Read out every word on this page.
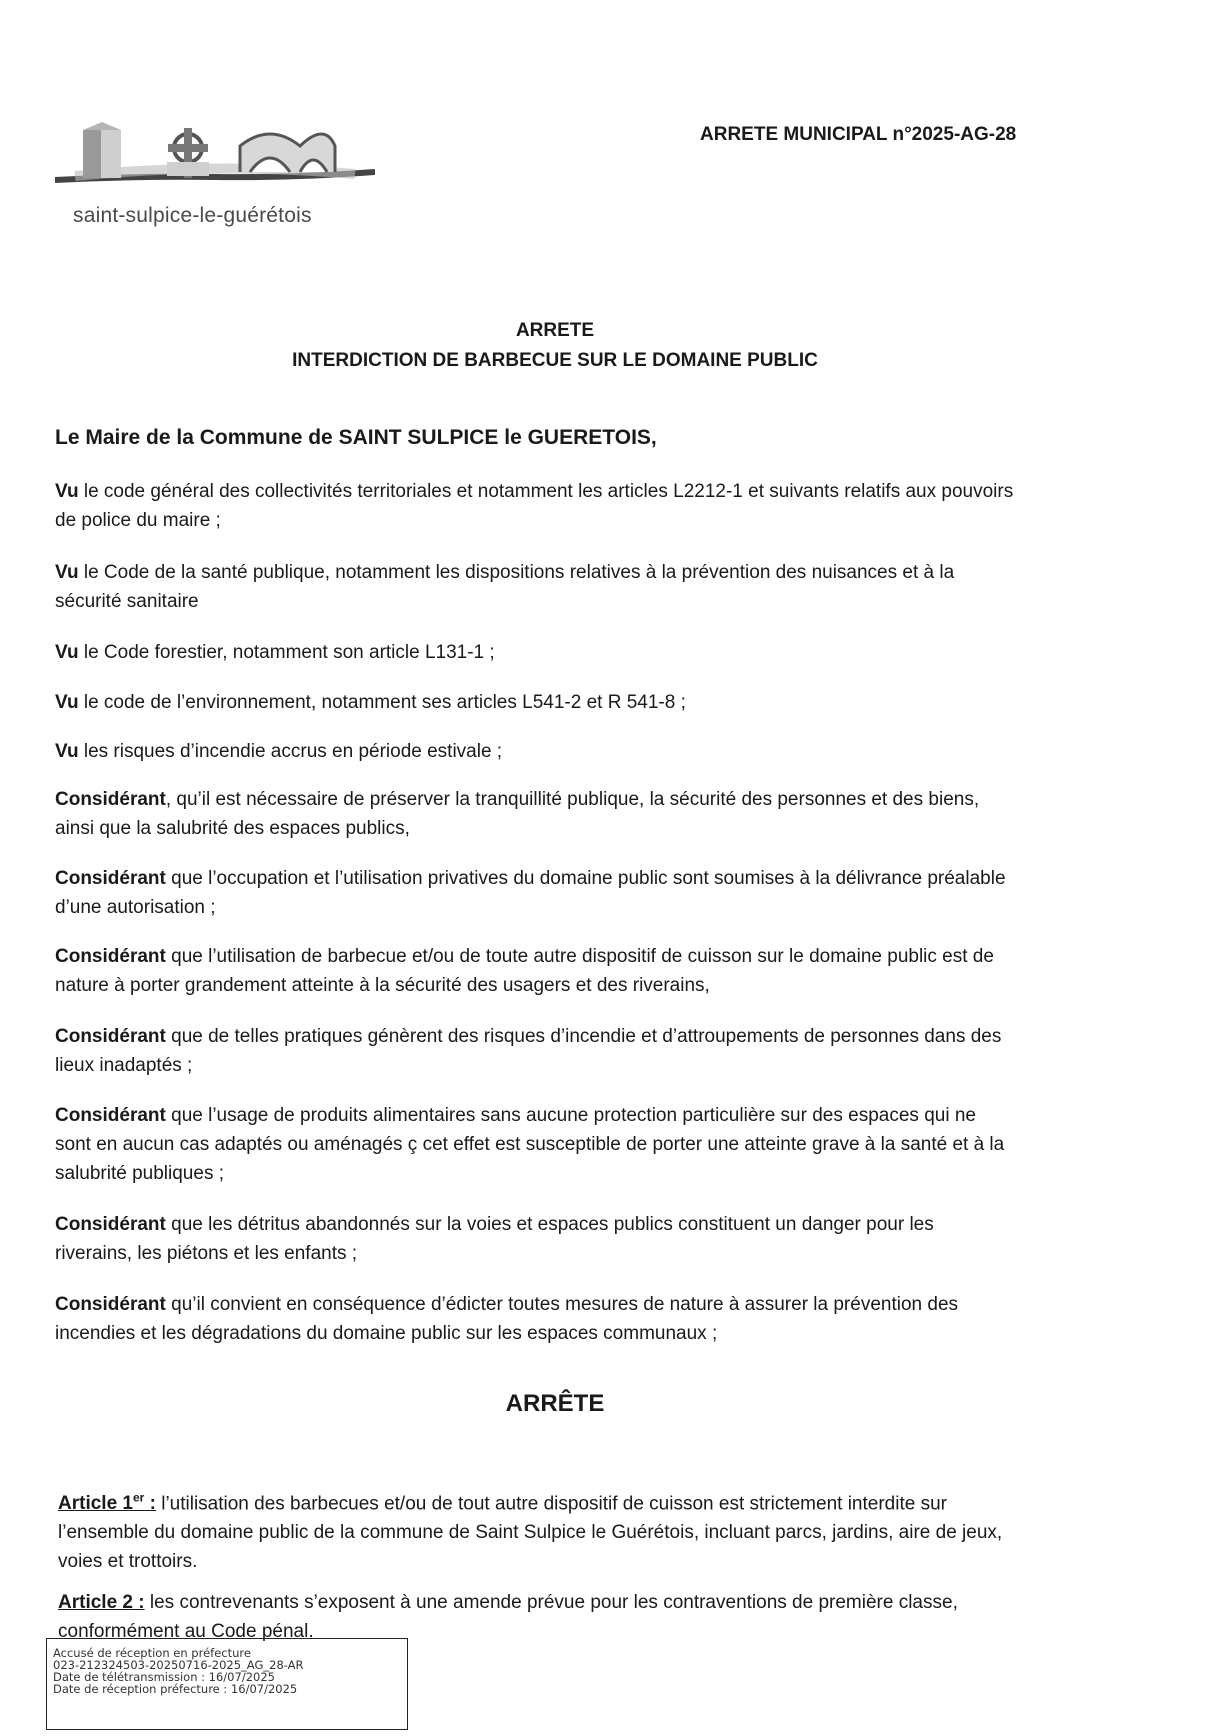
saint-sulpice-le-guérétois
ARRETE MUNICIPAL n°2025-AG-28
ARRETE
INTERDICTION DE BARBECUE SUR LE DOMAINE PUBLIC
Le Maire de la Commune de SAINT SULPICE le GUERETOIS,
Vu le code général des collectivités territoriales et notamment les articles L2212-1 et suivants relatifs aux pouvoirs de police du maire ;
Vu le Code de la santé publique, notamment les dispositions relatives à la prévention des nuisances et à la sécurité sanitaire
Vu le Code forestier, notamment son article L131-1 ;
Vu le code de l’environnement, notamment ses articles L541-2 et R 541-8 ;
Vu les risques d’incendie accrus en période estivale ;
Considérant, qu’il est nécessaire de préserver la tranquillité publique, la sécurité des personnes et des biens, ainsi que la salubrité des espaces publics,
Considérant que l’occupation et l’utilisation privatives du domaine public sont soumises à la délivrance préalable d’une autorisation ;
Considérant que l’utilisation de barbecue et/ou de toute autre dispositif de cuisson sur le domaine public est de nature à porter grandement atteinte à la sécurité des usagers et des riverains,
Considérant que de telles pratiques génèrent des risques d’incendie et d’attroupements de personnes dans des lieux inadaptés ;
Considérant que l’usage de produits alimentaires sans aucune protection particulière sur des espaces qui ne sont en aucun cas adaptés ou aménagés ç cet effet est susceptible de porter une atteinte grave à la santé et à la salubrité publiques ;
Considérant que les détritus abandonnés sur la voies et espaces publics constituent un danger pour les riverains, les piétons et les enfants ;
Considérant qu’il convient en conséquence d’édicter toutes mesures de nature à assurer la prévention des incendies et les dégradations du domaine public sur les espaces communaux ;
ARRÊTE
Article 1er : l’utilisation des barbecues et/ou de tout autre dispositif de cuisson est strictement interdite sur l’ensemble du domaine public de la commune de Saint Sulpice le Guérétois, incluant parcs, jardins, aire de jeux, voies et trottoirs.
Article 2 : les contrevenants s’exposent à une amende prévue pour les contraventions de première classe, conformément au Code pénal.
Accusé de réception en préfecture
023-212324503-20250716-2025_AG_28-AR
Date de télétransmission : 16/07/2025
Date de réception préfecture : 16/07/2025
